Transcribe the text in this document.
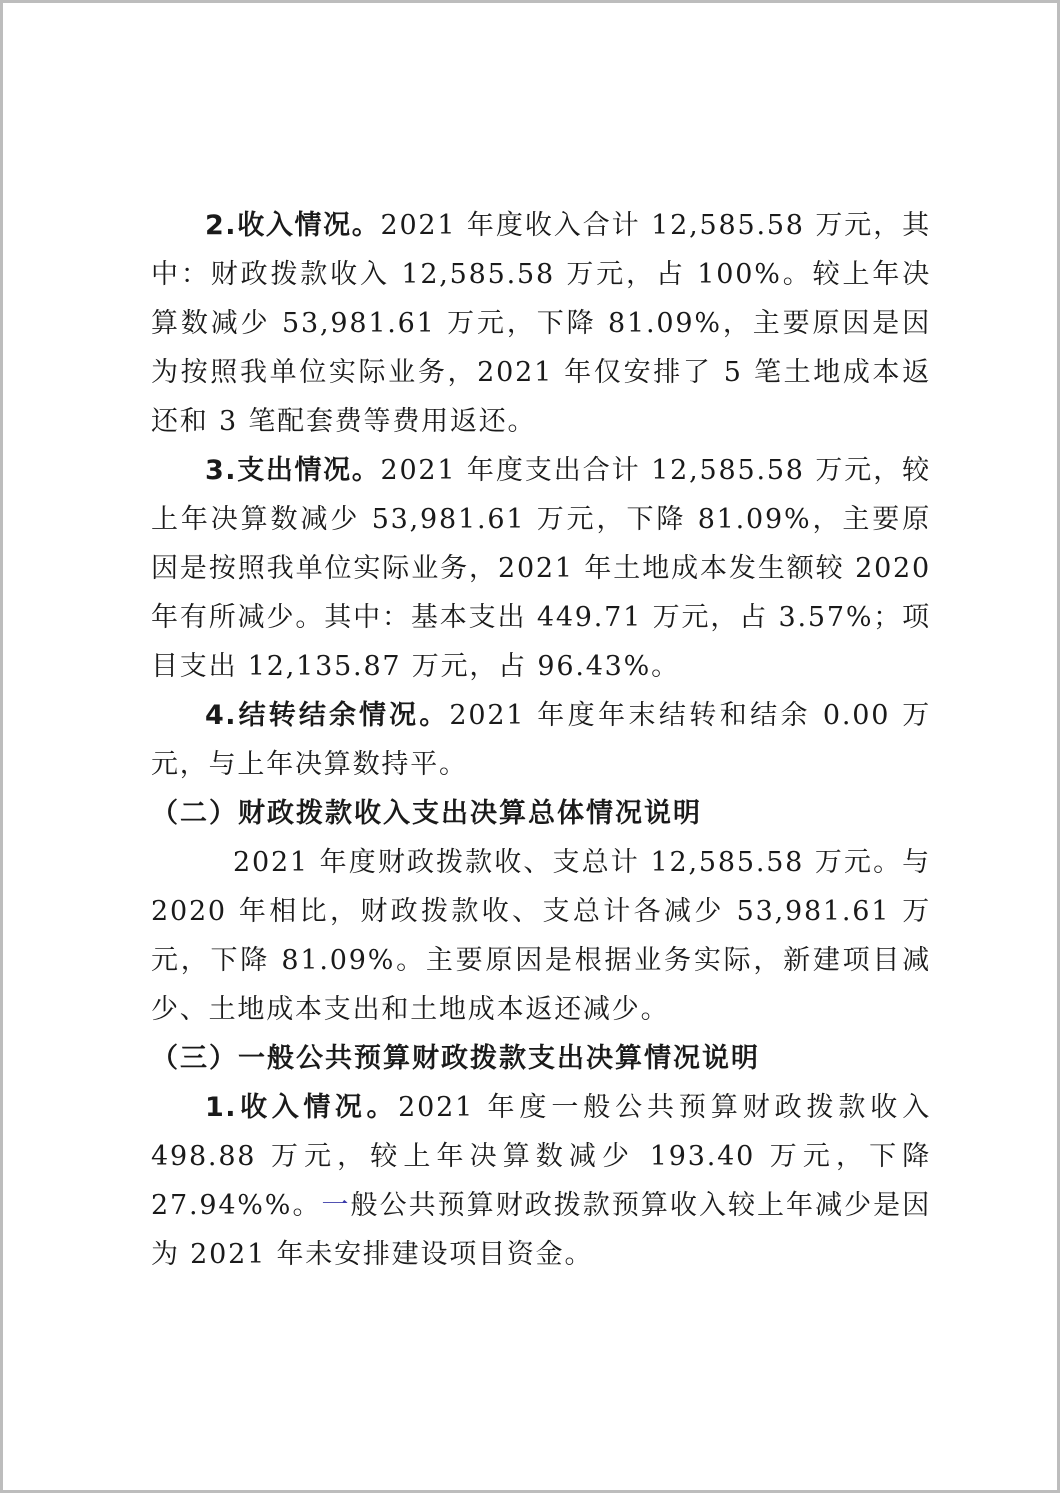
2.收入情况。2021 年度收入合计 12,585.58 万元，其中：财政拨款收入 12,585.58 万元，占 100%。较上年决算数减少 53,981.61 万元，下降 81.09%，主要原因是因为按照我单位实际业务，2021 年仅安排了 5 笔土地成本返还和 3 笔配套费等费用返还。

3.支出情况。2021 年度支出合计 12,585.58 万元，较上年决算数减少 53,981.61 万元，下降 81.09%，主要原因是按照我单位实际业务，2021 年土地成本发生额较 2020 年有所减少。其中：基本支出 449.71 万元，占 3.57%；项目支出 12,135.87 万元，占 96.43%。

4.结转结余情况。2021 年度年末结转和结余 0.00 万元，与上年决算数持平。

（二）财政拨款收入支出决算总体情况说明

2021 年度财政拨款收、支总计 12,585.58 万元。与 2020 年相比，财政拨款收、支总计各减少 53,981.61 万元，下降 81.09%。主要原因是根据业务实际，新建项目减少、土地成本支出和土地成本返还减少。

（三）一般公共预算财政拨款支出决算情况说明

1.收入情况。2021 年度一般公共预算财政拨款收入 498.88 万元，较上年决算数减少 193.40 万元，下降 27.94%%。一般公共预算财政拨款预算收入较上年减少是因为 2021 年未安排建设项目资金。
